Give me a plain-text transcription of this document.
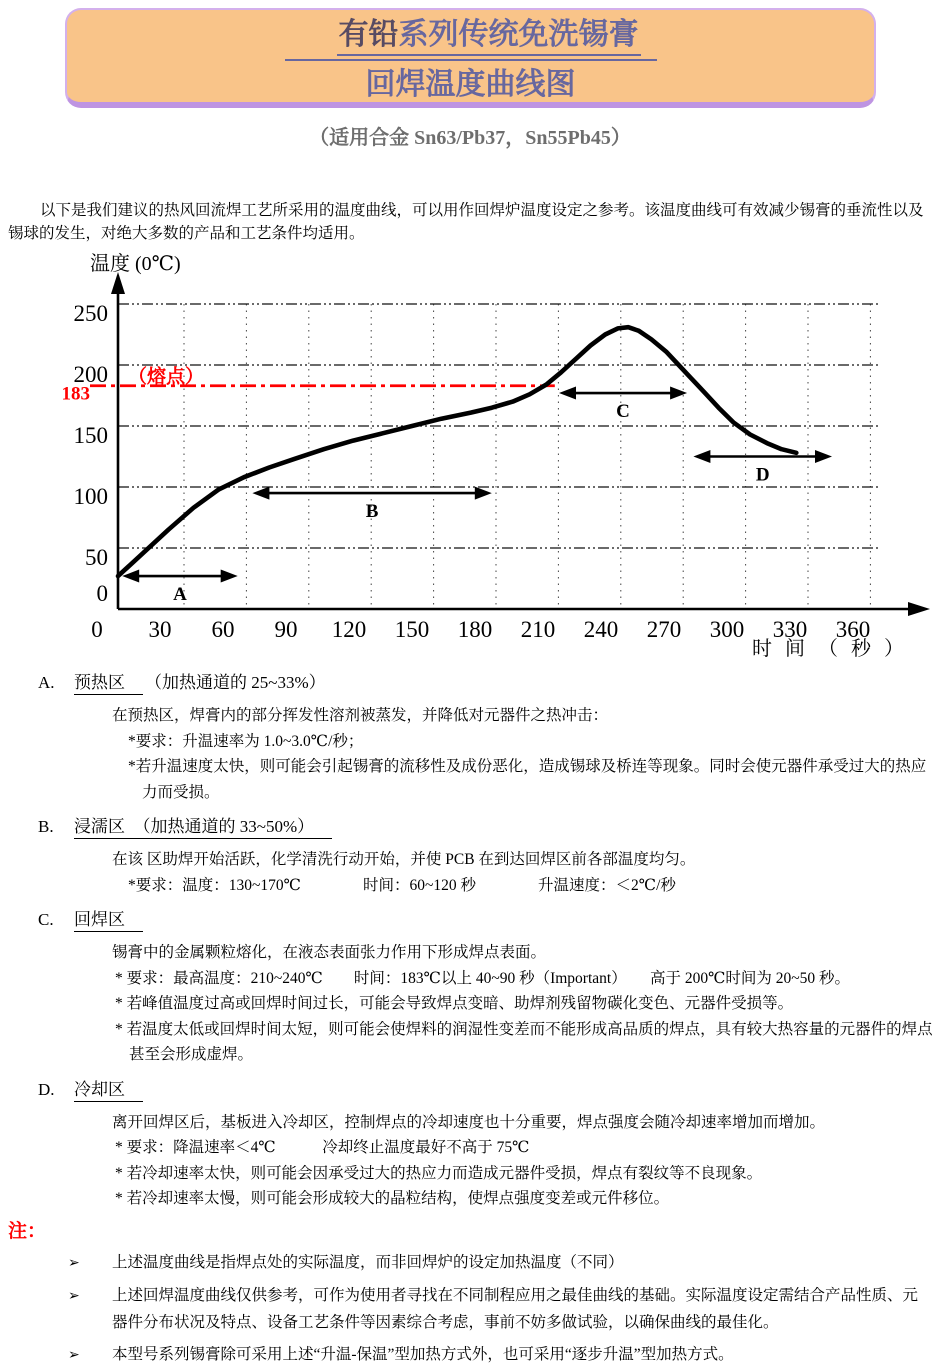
有铅系列传统免洗锡膏
回焊温度曲线图
（适用合金 Sn63/Pb37，Sn55Pb45）

以下是我们建议的热风回流焊工艺所采用的温度曲线，可以用作回焊炉温度设定之参考。该温度曲线可有效减少锡膏的垂流性以及锡球的发生，对绝大多数的产品和工艺条件均适用。

183
（熔点）
0
50
100
150
200
250
0 30 60 90 120 150 180 210 240 270 300 330 360
温度 (0℃)
时 间 （ 秒 ）
A
B
C
D
A. 预热区 （加热通道的 25~33%）
在预热区，焊膏内的部分挥发性溶剂被蒸发，并降低对元器件之热冲击：
*要求：升温速率为 1.0~3.0℃/秒；
*若升温速度太快，则可能会引起锡膏的流移性及成份恶化，造成锡球及桥连等现象。同时会使元器件承受过大的热应力而受损。
B. 浸濡区　（加热通道的 33~50%）
在该 区助焊开始活跃，化学清洗行动开始，并使 PCB 在到达回焊区前各部温度均匀。
*要求：温度：130~170℃　　　　时间：60~120 秒　　　　升温速度：＜2℃/秒
C. 回焊区
锡膏中的金属颗粒熔化，在液态表面张力作用下形成焊点表面。
* 要求：最高温度：210~240℃　　时间：183℃以上 40~90 秒（Important）　　高于 200℃时间为 20~50 秒。
* 若峰值温度过高或回焊时间过长，可能会导致焊点变暗、助焊剂残留物碳化变色、元器件受损等。
* 若温度太低或回焊时间太短，则可能会使焊料的润湿性变差而不能形成高品质的焊点，具有较大热容量的元器件的焊点甚至会形成虚焊。
D. 冷却区
离开回焊区后，基板进入冷却区，控制焊点的冷却速度也十分重要，焊点强度会随冷却速率增加而增加。
* 要求：降温速率＜4℃　　　冷却终止温度最好不高于 75℃
* 若冷却速率太快，则可能会因承受过大的热应力而造成元器件受损，焊点有裂纹等不良现象。
* 若冷却速率太慢，则可能会形成较大的晶粒结构，使焊点强度变差或元件移位。
注：
➢	上述温度曲线是指焊点处的实际温度，而非回焊炉的设定加热温度（不同）
➢	上述回焊温度曲线仅供参考，可作为使用者寻找在不同制程应用之最佳曲线的基础。实际温度设定需结合产品性质、元器件分布状况及特点、设备工艺条件等因素综合考虑，事前不妨多做试验，以确保曲线的最佳化。
➢	本型号系列锡膏除可采用上述“升温-保温”型加热方式外，也可采用“逐步升温”型加热方式。
